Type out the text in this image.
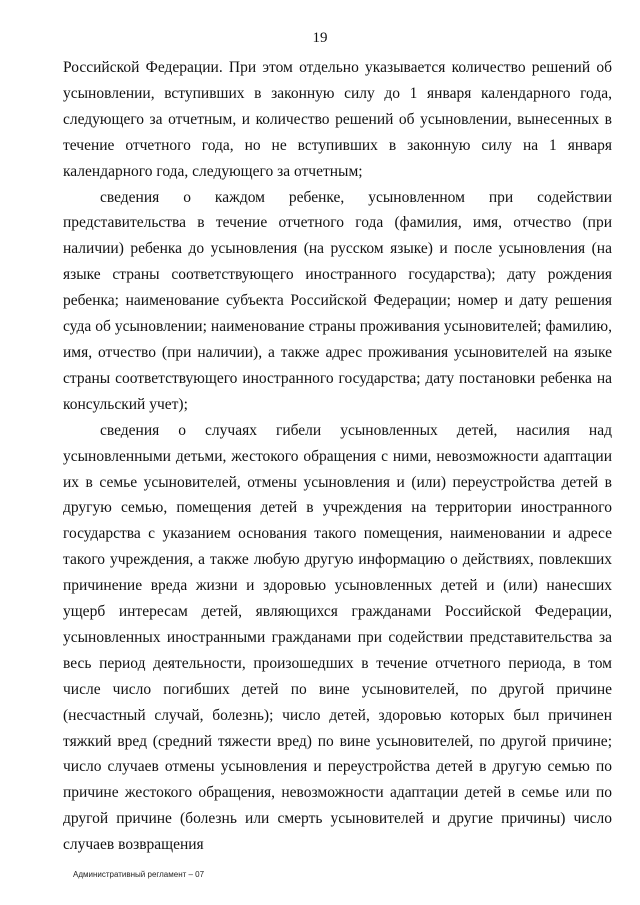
19

Российской Федерации. При этом отдельно указывается количество решений об усыновлении, вступивших в законную силу до 1 января календарного года, следующего за отчетным, и количество решений об усыновлении, вынесенных в течение отчетного года, но не вступивших в законную силу на 1 января календарного года, следующего за отчетным;

сведения о каждом ребенке, усыновленном при содействии представительства в течение отчетного года (фамилия, имя, отчество (при наличии) ребенка до усыновления (на русском языке) и после усыновления (на языке страны соответствующего иностранного государства); дату рождения ребенка; наименование субъекта Российской Федерации; номер и дату решения суда об усыновлении; наименование страны проживания усыновителей; фамилию, имя, отчество (при наличии), а также адрес проживания усыновителей на языке страны соответствующего иностранного государства; дату постановки ребенка на консульский учет);

сведения о случаях гибели усыновленных детей, насилия над усыновленными детьми, жестокого обращения с ними, невозможности адаптации их в семье усыновителей, отмены усыновления и (или) переустройства детей в другую семью, помещения детей в учреждения на территории иностранного государства с указанием основания такого помещения, наименовании и адресе такого учреждения, а также любую другую информацию о действиях, повлекших причинение вреда жизни и здоровью усыновленных детей и (или) нанесших ущерб интересам детей, являющихся гражданами Российской Федерации, усыновленных иностранными гражданами при содействии представительства за весь период деятельности, произошедших в течение отчетного периода, в том числе число погибших детей по вине усыновителей, по другой причине (несчастный случай, болезнь); число детей, здоровью которых был причинен тяжкий вред (средний тяжести вред) по вине усыновителей, по другой причине; число случаев отмены усыновления и переустройства детей в другую семью по причине жестокого обращения, невозможности адаптации детей в семье или по другой причине (болезнь или смерть усыновителей и другие причины) число случаев возвращения

Административный регламент – 07
